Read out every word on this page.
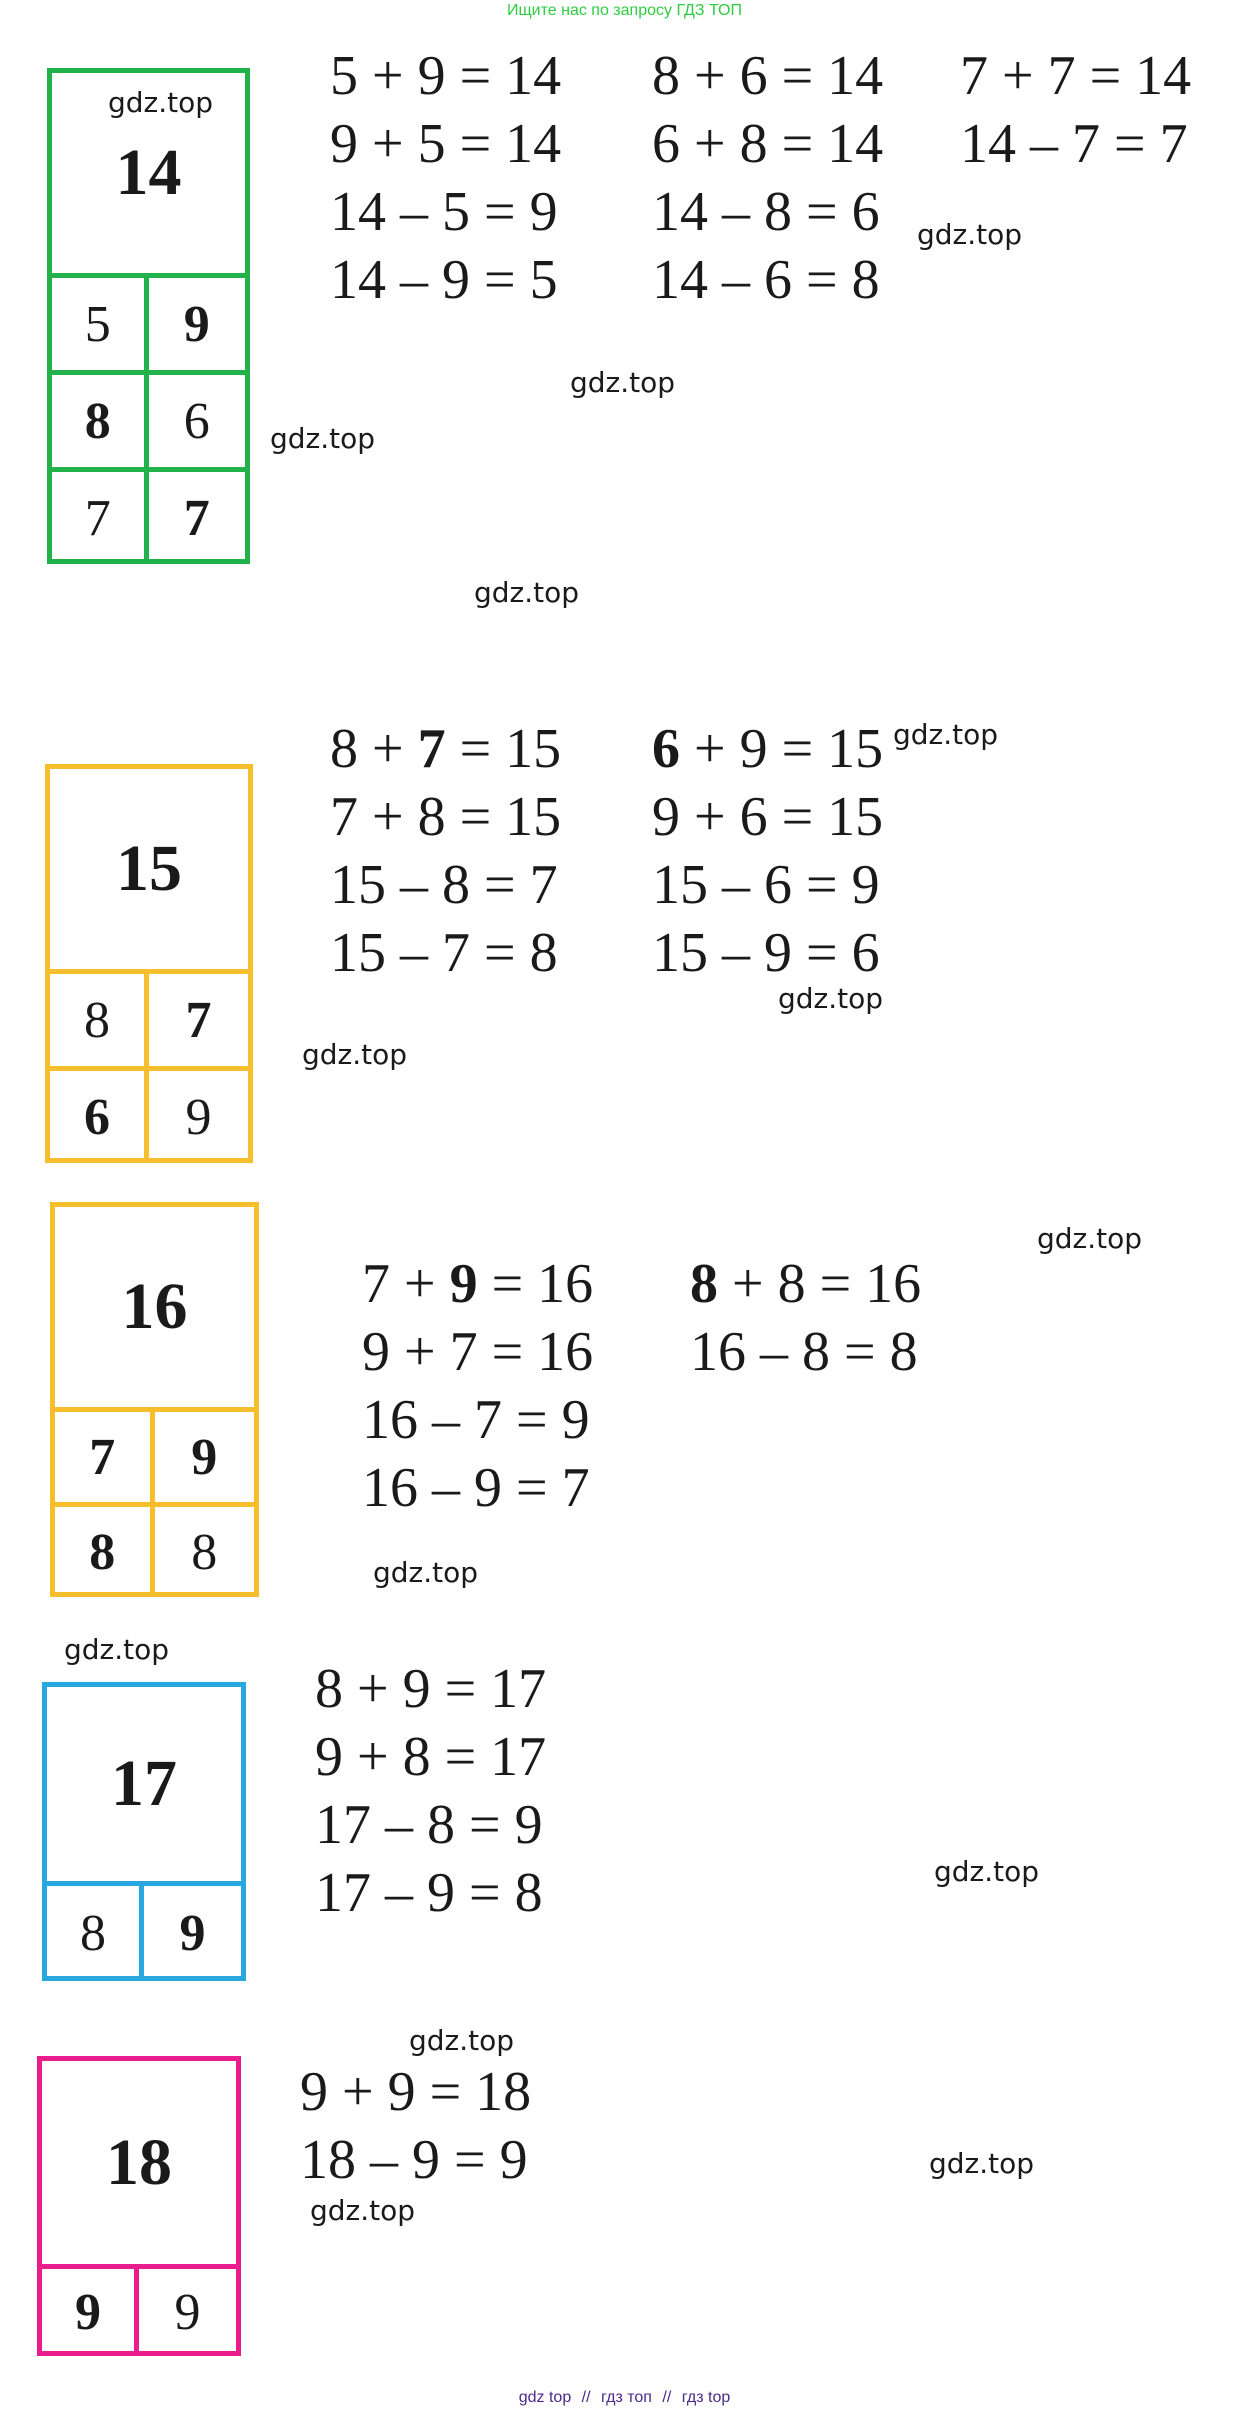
Ищите нас по запросу ГДЗ ТОП
14
5	9
8	6
7	7
5 + 9 = 14
9 + 5 = 14
14 – 5 = 9
14 – 9 = 5
8 + 6 = 14
6 + 8 = 14
14 – 8 = 6
14 – 6 = 8
7 + 7 = 14
14 – 7 = 7
15
8	7
6	9
8 + 7 = 15
7 + 8 = 15
15 – 8 = 7
15 – 7 = 8
6 + 9 = 15
9 + 6 = 15
15 – 6 = 9
15 – 9 = 6
16
7	9
8	8
7 + 9 = 16
9 + 7 = 16
16 – 7 = 9
16 – 9 = 7
8 + 8 = 16
16 – 8 = 8
17
8	9
8 + 9 = 17
9 + 8 = 17
17 – 8 = 9
17 – 9 = 8
18
9	9
9 + 9 = 18
18 – 9 = 9
gdz.top
gdz.top
gdz.top
gdz.top
gdz.top
gdz.top
gdz.top
gdz.top
gdz.top
gdz.top
gdz.top
gdz.top
gdz.top
gdz.top
gdz.top
gdz top // гдз топ // гдз top
